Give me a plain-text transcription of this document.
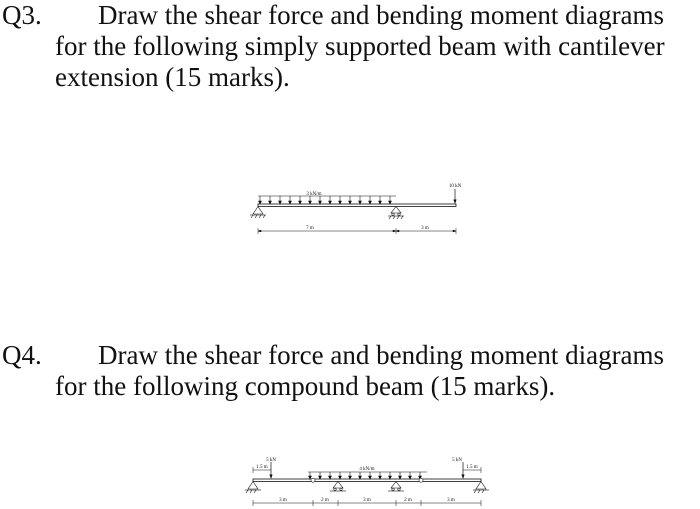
Q3. Draw the shear force and bending moment diagrams
for the following simply supported beam with cantilever
extension (15 marks).
3 kN/m
10 kN
7 m	3 m
Q4. Draw the shear force and bending moment diagrams
for the following compound beam (15 marks).
5 kN
1.5 m	4 kN/m
5 kN
1.5 m
3 m	2 m	3 m	2 m	3 m
